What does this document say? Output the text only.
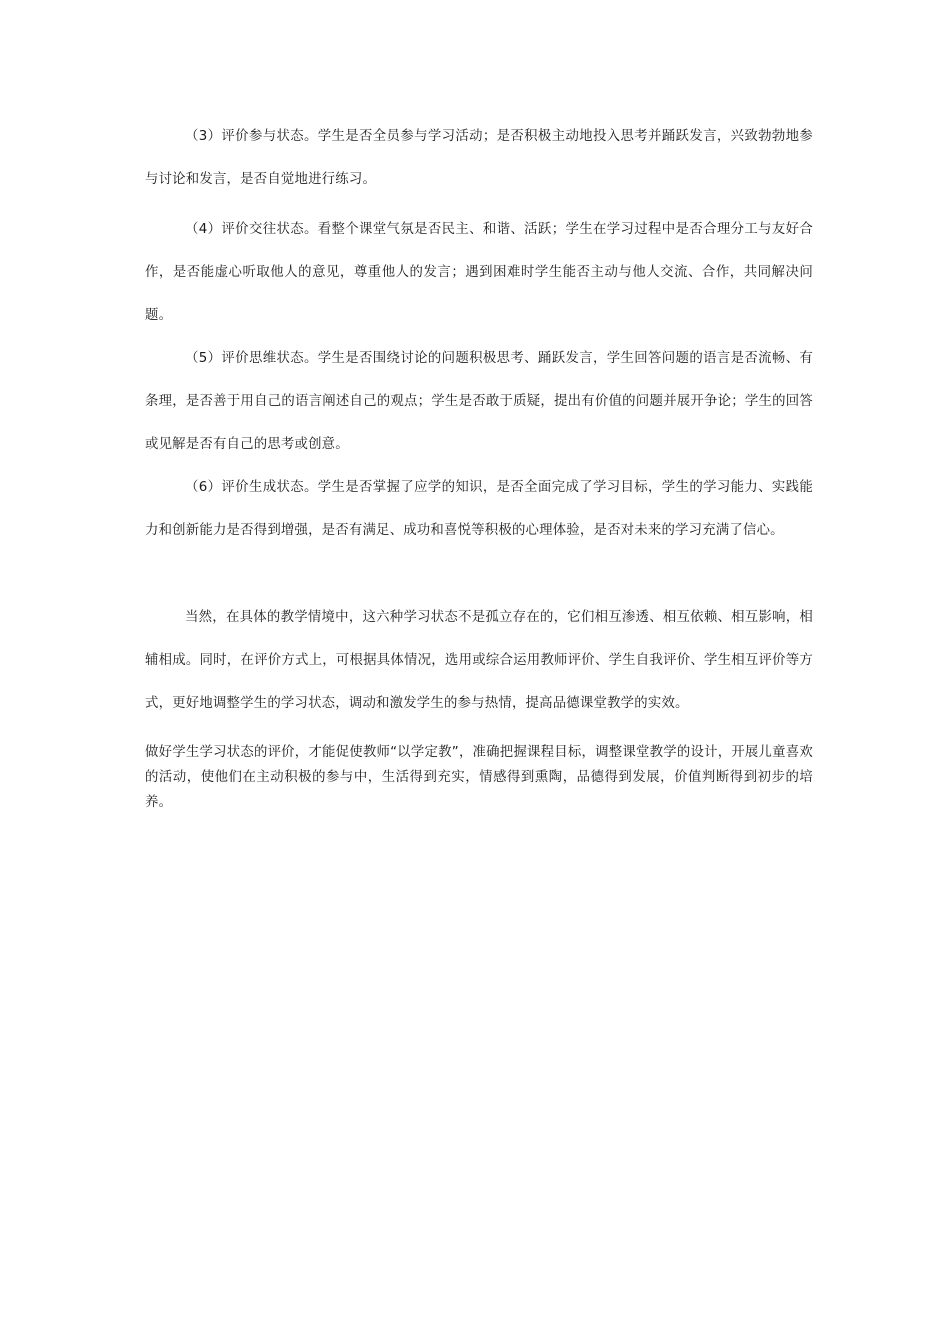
（3）评价参与状态。学生是否全员参与学习活动；是否积极主动地投入思考并踊跃发言，兴致勃勃地参与讨论和发言，是否自觉地进行练习。

（4）评价交往状态。看整个课堂气氛是否民主、和谐、活跃；学生在学习过程中是否合理分工与友好合作，是否能虚心听取他人的意见，尊重他人的发言；遇到困难时学生能否主动与他人交流、合作，共同解决问题。

（5）评价思维状态。学生是否围绕讨论的问题积极思考、踊跃发言，学生回答问题的语言是否流畅、有条理，是否善于用自己的语言阐述自己的观点；学生是否敢于质疑，提出有价值的问题并展开争论；学生的回答或见解是否有自己的思考或创意。

（6）评价生成状态。学生是否掌握了应学的知识，是否全面完成了学习目标，学生的学习能力、实践能力和创新能力是否得到增强，是否有满足、成功和喜悦等积极的心理体验，是否对未来的学习充满了信心。

当然，在具体的教学情境中，这六种学习状态不是孤立存在的，它们相互渗透、相互依赖、相互影响，相辅相成。同时，在评价方式上，可根据具体情况，选用或综合运用教师评价、学生自我评价、学生相互评价等方式，更好地调整学生的学习状态，调动和激发学生的参与热情，提高品德课堂教学的实效。

做好学生学习状态的评价，才能促使教师“以学定教”，准确把握课程目标，调整课堂教学的设计，开展儿童喜欢的活动，使他们在主动积极的参与中，生活得到充实，情感得到熏陶，品德得到发展，价值判断得到初步的培养。
